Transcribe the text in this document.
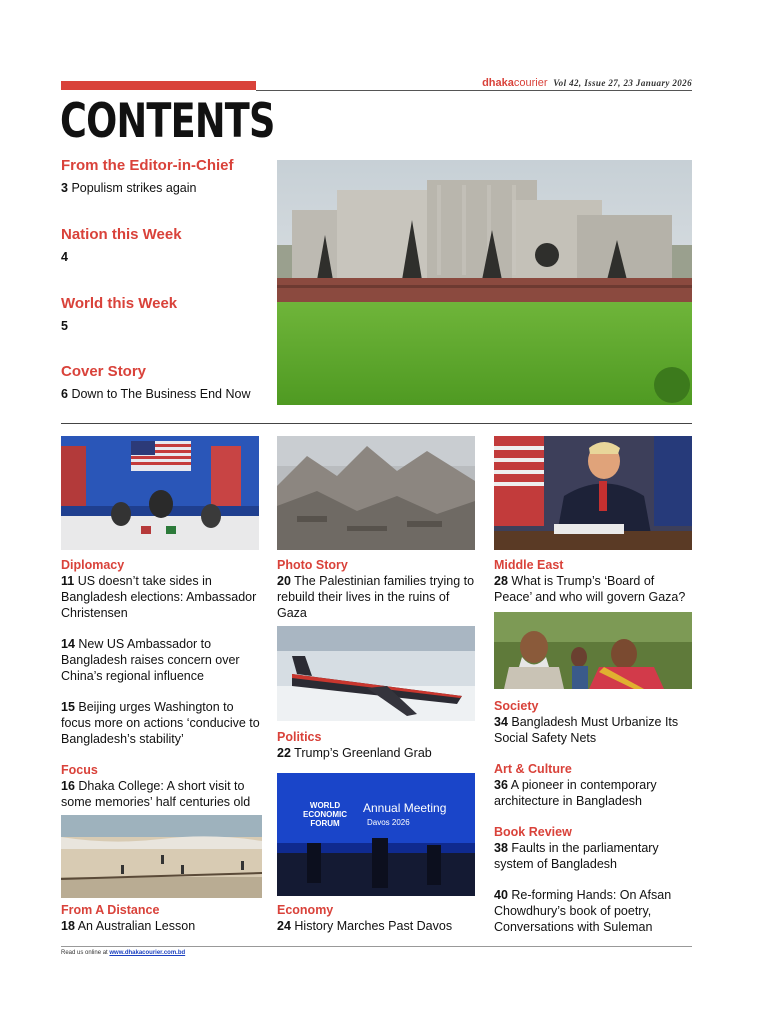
dhakacourier Vol 42, Issue 27, 23 January 2026
CONTENTS
From the Editor-in-Chief
3 Populism strikes again
Nation this Week
4
World this Week
5
Cover Story
6 Down to The Business End Now
WORLD ECONOMIC FORUM
Annual Meeting
Davos 2026
Diplomacy
11 US doesn’t take sides in Bangladesh elections: Ambassador Christensen
14 New US Ambassador to Bangladesh raises concern over China’s regional influence
15 Beijing urges Washington to focus more on actions ‘conducive to Bangladesh’s stability’
Focus
16 Dhaka College: A short visit to some memories’ half centuries old
From A Distance
18 An Australian Lesson
Photo Story
20 The Palestinian families trying to rebuild their lives in the ruins of Gaza
Politics
22 Trump’s Greenland Grab
Economy
24 History Marches Past Davos
Middle East
28 What is Trump’s ‘Board of Peace’ and who will govern Gaza?
Society
34 Bangladesh Must Urbanize Its Social Safety Nets
Art & Culture
36 A pioneer in contemporary architecture in Bangladesh
Book Review
38 Faults in the parliamentary system of Bangladesh
40 Re-forming Hands: On Afsan Chowdhury’s book of poetry, Conversations with Suleman
Read us online at www.dhakacourier.com.bd
